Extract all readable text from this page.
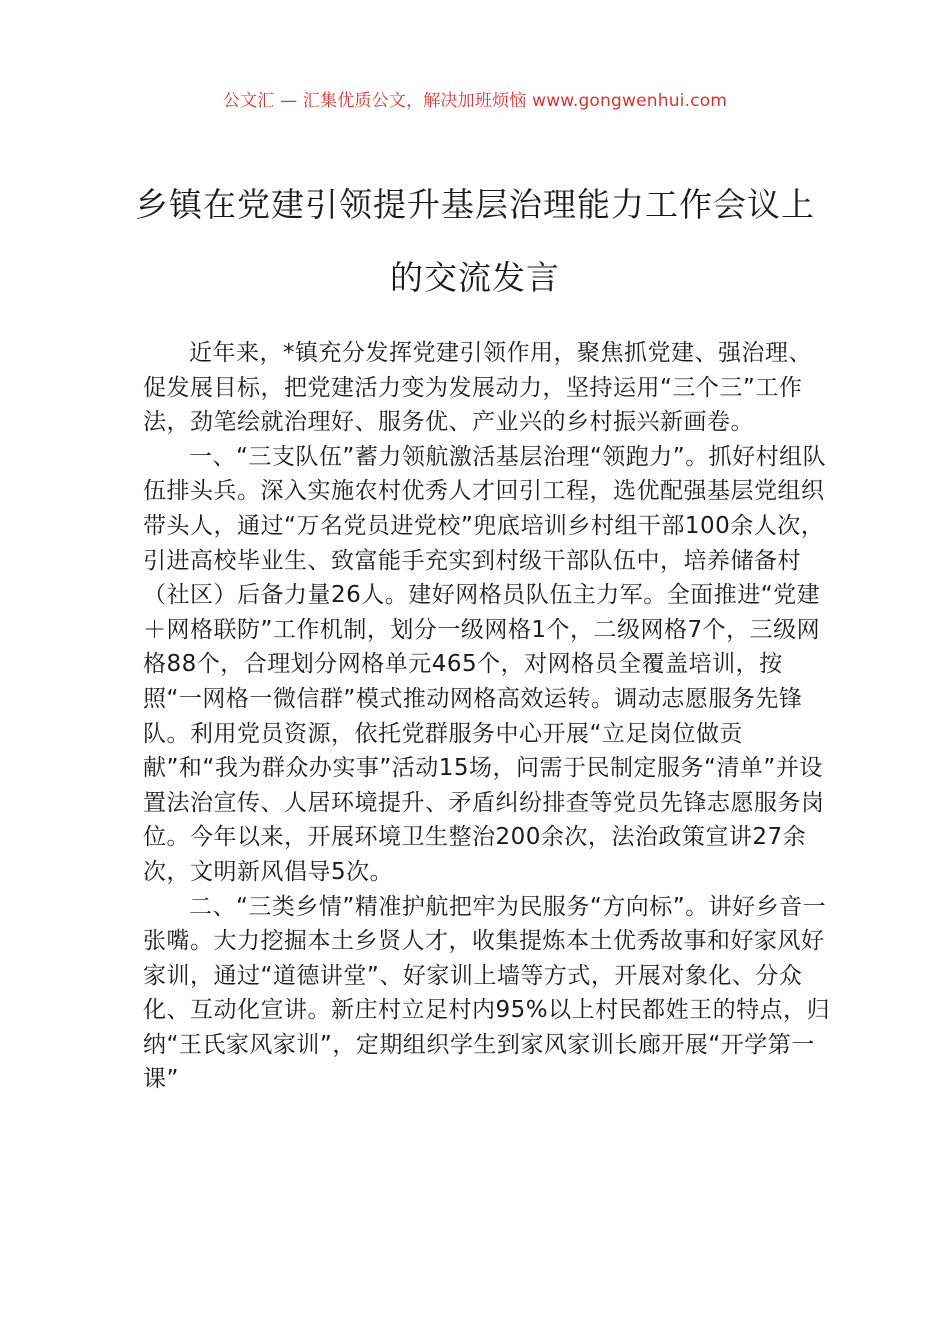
公文汇 — 汇集优质公文，解决加班烦恼 www.gongwenhui.com
乡镇在党建引领提升基层治理能力工作会议上的交流发言

近年来，*镇充分发挥党建引领作用，聚焦抓党建、强治理、促发展目标，把党建活力变为发展动力，坚持运用“三个三”工作法，劲笔绘就治理好、服务优、产业兴的乡村振兴新画卷。

一、“三支队伍”蓄力领航激活基层治理“领跑力”。抓好村组队伍排头兵。深入实施农村优秀人才回引工程，选优配强基层党组织带头人，通过“万名党员进党校”兜底培训乡村组干部100余人次，引进高校毕业生、致富能手充实到村级干部队伍中，培养储备村（社区）后备力量26人。建好网格员队伍主力军。全面推进“党建＋网格联防”工作机制，划分一级网格1个，二级网格7个，三级网格88个，合理划分网格单元465个，对网格员全覆盖培训，按照“一网格一微信群”模式推动网格高效运转。调动志愿服务先锋队。利用党员资源，依托党群服务中心开展“立足岗位做贡献”和“我为群众办实事”活动15场，问需于民制定服务“清单”并设置法治宣传、人居环境提升、矛盾纠纷排查等党员先锋志愿服务岗位。今年以来，开展环境卫生整治200余次，法治政策宣讲27余次，文明新风倡导5次。

二、“三类乡情”精准护航把牢为民服务“方向标”。讲好乡音一张嘴。大力挖掘本土乡贤人才，收集提炼本土优秀故事和好家风好家训，通过“道德讲堂”、好家训上墙等方式，开展对象化、分众化、互动化宣讲。新庄村立足村内95%以上村民都姓王的特点，归纳“王氏家风家训”，定期组织学生到家风家训长廊开展“开学第一课”
